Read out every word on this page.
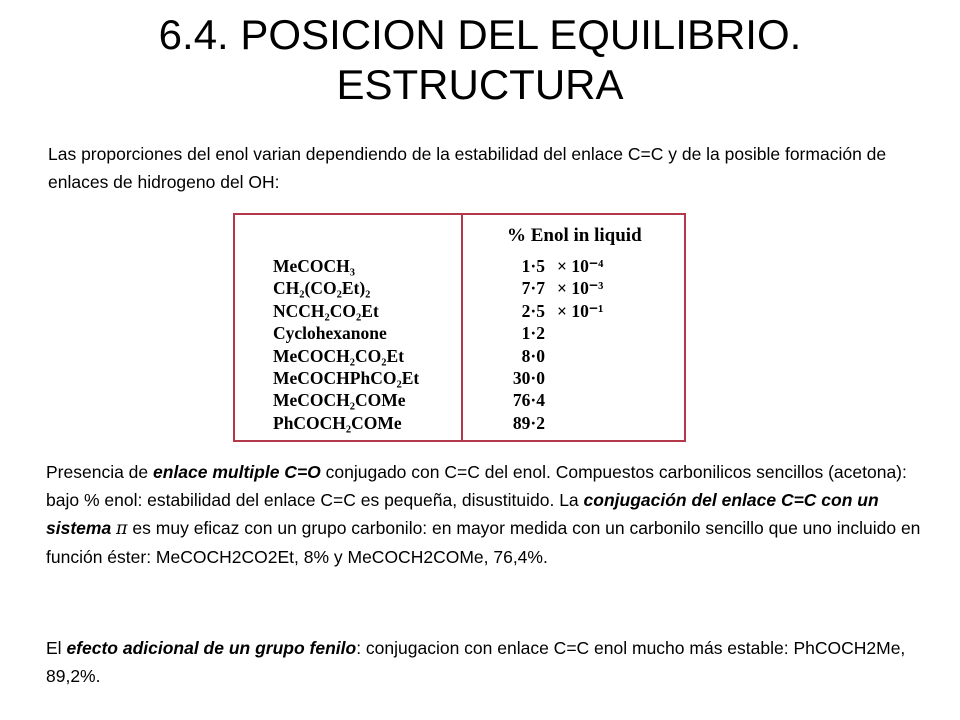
6.4. POSICION DEL EQUILIBRIO.
ESTRUCTURA
Las proporciones del enol varian dependiendo de la estabilidad del enlace C=C y de la posible formación de enlaces de hidrogeno del OH:
% Enol in liquid
MeCOCH₃
CH₂(CO₂Et)₂
NCCH₂CO₂Et
Cyclohexanone
MeCOCH₂CO₂Et
MeCOCHPhCO₂Et
MeCOCH₂COMe
PhCOCH₂COMe
1·5 × 10⁻⁴
7·7 × 10⁻³
2·5 × 10⁻¹
1·2
8·0
30·0
76·4
89·2
Presencia de enlace multiple C=O conjugado con C=C del enol. Compuestos carbonilicos sencillos (acetona): bajo % enol: estabilidad del enlace C=C es pequeña, disustituido. La conjugación del enlace C=C con un sistema π es muy eficaz con un grupo carbonilo: en mayor medida con un carbonilo sencillo que uno incluido en función éster: MeCOCH2CO2Et, 8% y MeCOCH2COMe, 76,4%.
El efecto adicional de un grupo fenilo: conjugacion con enlace C=C enol mucho más estable: PhCOCH2Me, 89,2%.
